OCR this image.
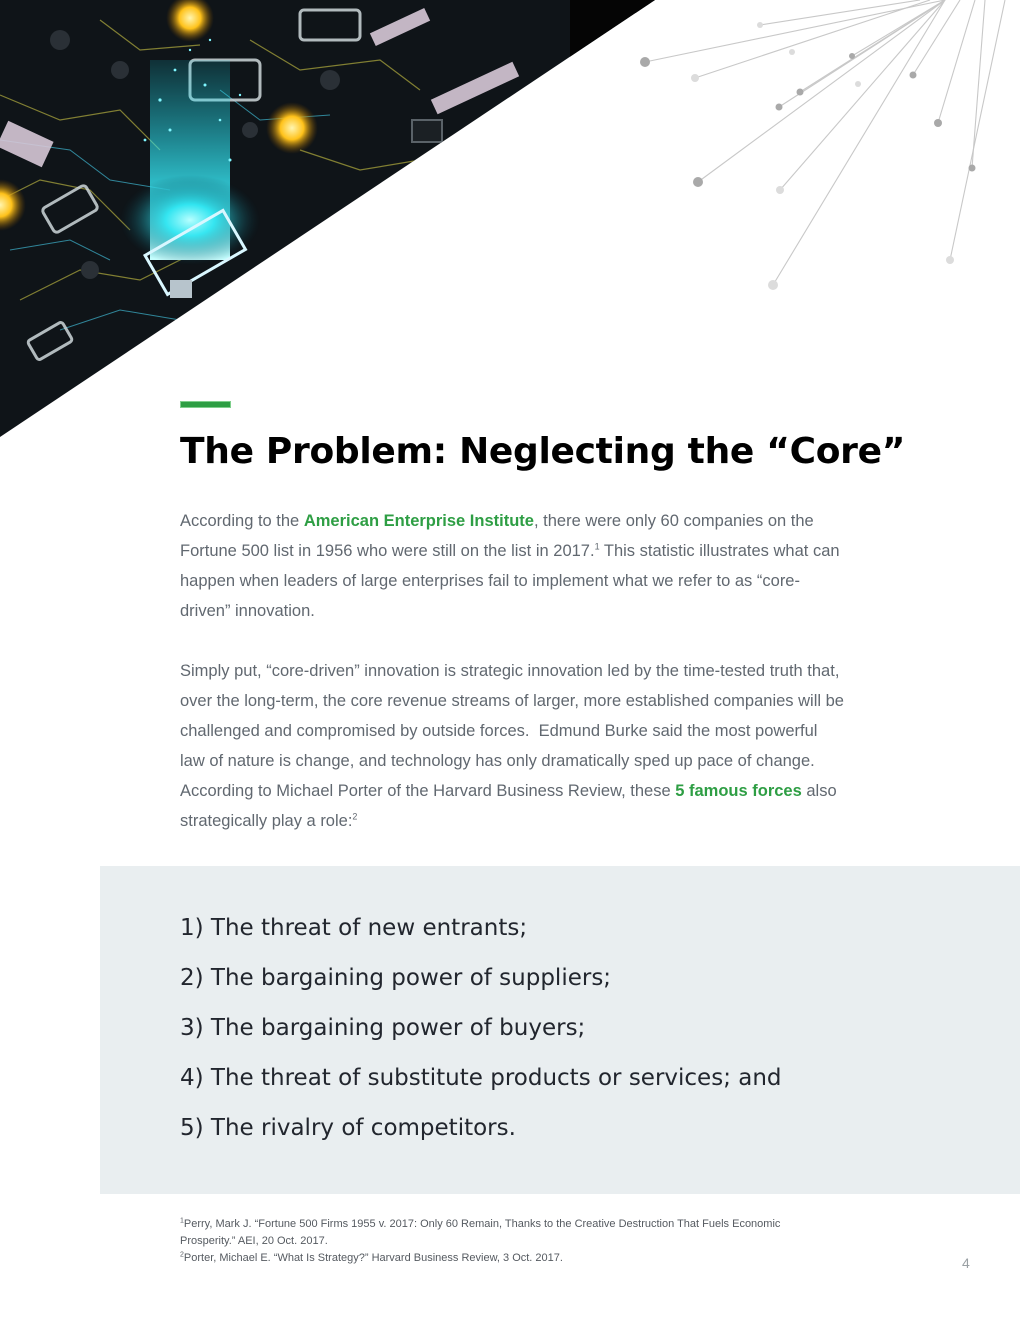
The Problem: Neglecting the “Core”

According to the American Enterprise Institute, there were only 60 companies on the Fortune 500 list in 1956 who were still on the list in 2017.$^1$ This statistic illustrates what can happen when leaders of large enterprises fail to implement what we refer to as “core-driven” innovation.

Simply put, “core-driven” innovation is strategic innovation led by the time-tested truth that, over the long-term, the core revenue streams of larger, more established companies will be challenged and compromised by outside forces.  Edmund Burke said the most powerful law of nature is change, and technology has only dramatically sped up pace of change.  According to Michael Porter of the Harvard Business Review, these 5 famous forces also strategically play a role:$^2$

1) The threat of new entrants;
2) The bargaining power of suppliers;
3) The bargaining power of buyers;
4) The threat of substitute products or services; and
5) The rivalry of competitors.

$^1$Perry, Mark J. “Fortune 500 Firms 1955 v. 2017: Only 60 Remain, Thanks to the Creative Destruction That Fuels Economic Prosperity.” AEI, 20 Oct. 2017.

$^2$Porter, Michael E. “What Is Strategy?” Harvard Business Review, 3 Oct. 2017.	4
